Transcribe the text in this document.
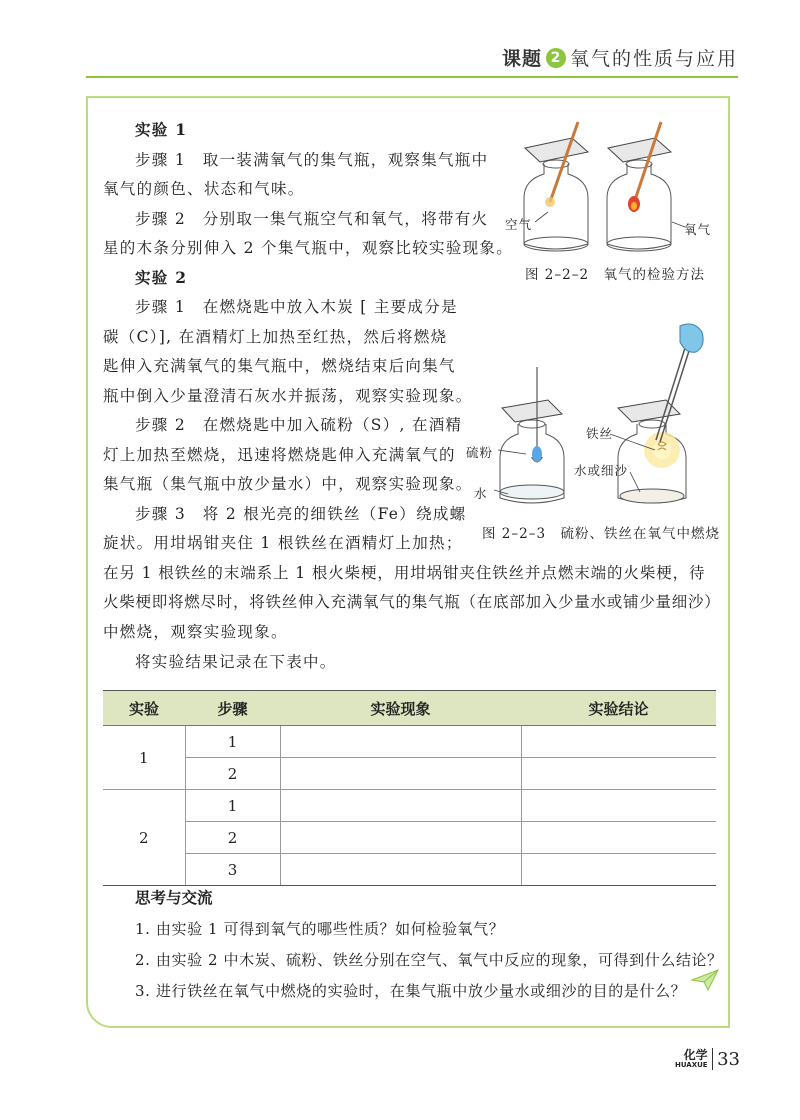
课题 2 氧气的性质与应用
实验 1
步骤 1　取一装满氧气的集气瓶，观察集气瓶中
氧气的颜色、状态和气味。
步骤 2　分别取一集气瓶空气和氧气，将带有火
星的木条分别伸入 2 个集气瓶中，观察比较实验现象。
实验 2
步骤 1　在燃烧匙中放入木炭 [ 主要成分是
碳（C）], 在酒精灯上加热至红热，然后将燃烧
匙伸入充满氧气的集气瓶中，燃烧结束后向集气
瓶中倒入少量澄清石灰水并振荡，观察实验现象。
步骤 2　在燃烧匙中加入硫粉（S）, 在酒精
灯上加热至燃烧，迅速将燃烧匙伸入充满氧气的
集气瓶（集气瓶中放少量水）中，观察实验现象。
步骤 3　将 2 根光亮的细铁丝（Fe）绕成螺
旋状。用坩埚钳夹住 1 根铁丝在酒精灯上加热；
在另 1 根铁丝的末端系上 1 根火柴梗，用坩埚钳夹住铁丝并点燃末端的火柴梗，待
火柴梗即将燃尽时，将铁丝伸入充满氧气的集气瓶（在底部加入少量水或铺少量细沙）
中燃烧，观察实验现象。
将实验结果记录在下表中。
空气	氧气
图 2–2–2　氧气的检验方法
硫粉
水
铁丝
水或细沙
图 2–2–3　硫粉、铁丝在氧气中燃烧
实验	步骤	实验现象	实验结论
1	1		
	2		
2	1		
	2		
	3		
思考与交流
1. 由实验 1 可得到氧气的哪些性质？如何检验氧气？
2. 由实验 2 中木炭、硫粉、铁丝分别在空气、氧气中反应的现象，可得到什么结论？
3. 进行铁丝在氧气中燃烧的实验时，在集气瓶中放少量水或细沙的目的是什么？
化学
HUAXUE 33
